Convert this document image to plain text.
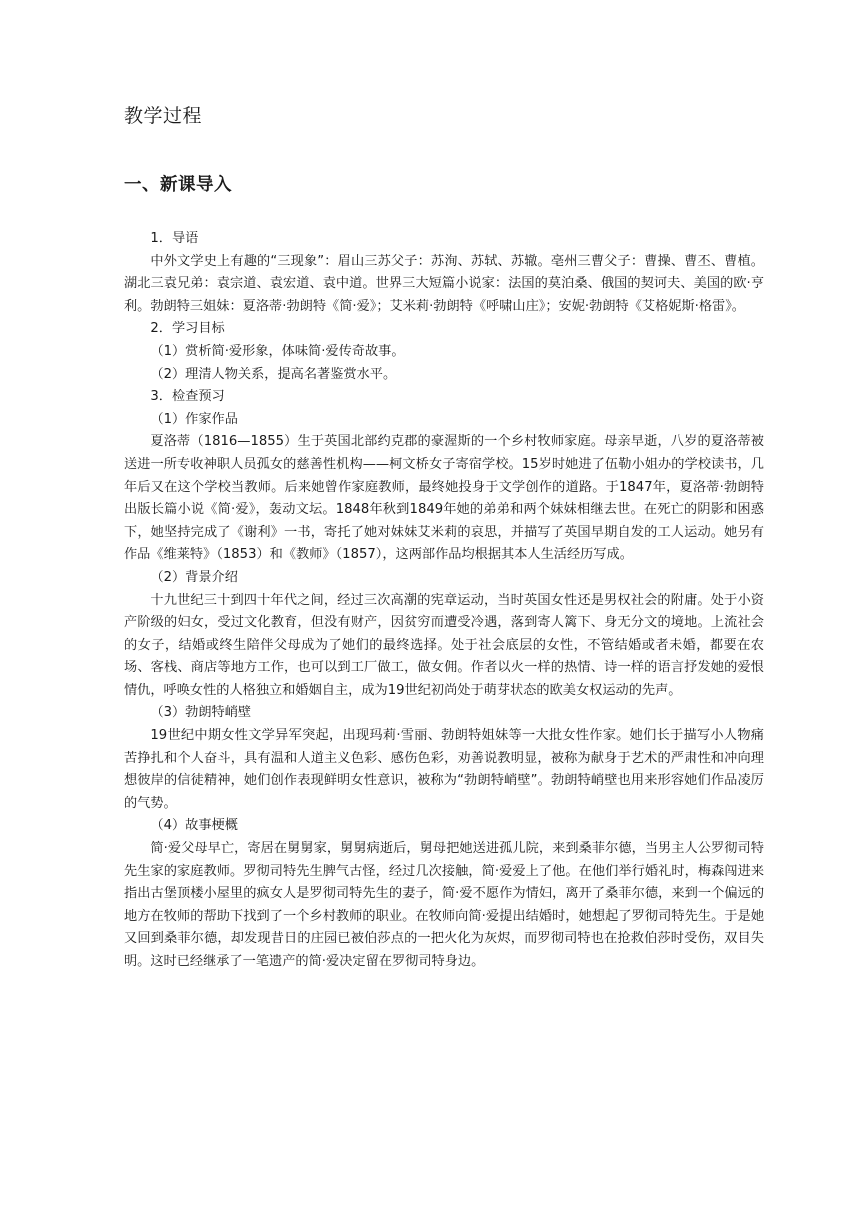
教学过程
一、新课导入

1．导语

中外文学史上有趣的“三现象”：眉山三苏父子：苏洵、苏轼、苏辙。亳州三曹父子：曹操、曹丕、曹植。湖北三袁兄弟：袁宗道、袁宏道、袁中道。世界三大短篇小说家：法国的莫泊桑、俄国的契诃夫、美国的欧·亨利。勃朗特三姐妹：夏洛蒂·勃朗特《简·爱》；艾米莉·勃朗特《呼啸山庄》；安妮·勃朗特《艾格妮斯·格雷》。

2．学习目标

（1）赏析简·爱形象，体味简·爱传奇故事。

（2）理清人物关系，提高名著鉴赏水平。

3．检查预习

（1）作家作品

夏洛蒂（1816—1855）生于英国北部约克郡的豪渥斯的一个乡村牧师家庭。母亲早逝，八岁的夏洛蒂被送进一所专收神职人员孤女的慈善性机构——柯文桥女子寄宿学校。15岁时她进了伍勒小姐办的学校读书，几年后又在这个学校当教师。后来她曾作家庭教师，最终她投身于文学创作的道路。于1847年，夏洛蒂·勃朗特出版长篇小说《简·爱》，轰动文坛。1848年秋到1849年她的弟弟和两个妹妹相继去世。在死亡的阴影和困惑下，她坚持完成了《谢利》一书，寄托了她对妹妹艾米莉的哀思，并描写了英国早期自发的工人运动。她另有作品《维莱特》（1853）和《教师》（1857），这两部作品均根据其本人生活经历写成。

（2）背景介绍

十九世纪三十到四十年代之间，经过三次高潮的宪章运动，当时英国女性还是男权社会的附庸。处于小资产阶级的妇女，受过文化教育，但没有财产，因贫穷而遭受冷遇，落到寄人篱下、身无分文的境地。上流社会的女子，结婚或终生陪伴父母成为了她们的最终选择。处于社会底层的女性，不管结婚或者未婚，都要在农场、客栈、商店等地方工作，也可以到工厂做工，做女佣。作者以火一样的热情、诗一样的语言抒发她的爱恨情仇，呼唤女性的人格独立和婚姻自主，成为19世纪初尚处于萌芽状态的欧美女权运动的先声。

（3）勃朗特峭壁

19世纪中期女性文学异军突起，出现玛莉·雪丽、勃朗特姐妹等一大批女性作家。她们长于描写小人物痛苦挣扎和个人奋斗，具有温和人道主义色彩、感伤色彩，劝善说教明显，被称为献身于艺术的严肃性和冲向理想彼岸的信徒精神，她们创作表现鲜明女性意识，被称为“勃朗特峭壁”。勃朗特峭壁也用来形容她们作品凌厉的气势。

（4）故事梗概

简·爱父母早亡，寄居在舅舅家，舅舅病逝后，舅母把她送进孤儿院，来到桑菲尔德，当男主人公罗彻司特先生家的家庭教师。罗彻司特先生脾气古怪，经过几次接触，简·爱爱上了他。在他们举行婚礼时，梅森闯进来指出古堡顶楼小屋里的疯女人是罗彻司特先生的妻子，简·爱不愿作为情妇，离开了桑菲尔德，来到一个偏远的地方在牧师的帮助下找到了一个乡村教师的职业。在牧师向简·爱提出结婚时，她想起了罗彻司特先生。于是她又回到桑菲尔德，却发现昔日的庄园已被伯莎点的一把火化为灰烬，而罗彻司特也在抢救伯莎时受伤，双目失明。这时已经继承了一笔遗产的简·爱决定留在罗彻司特身边。
